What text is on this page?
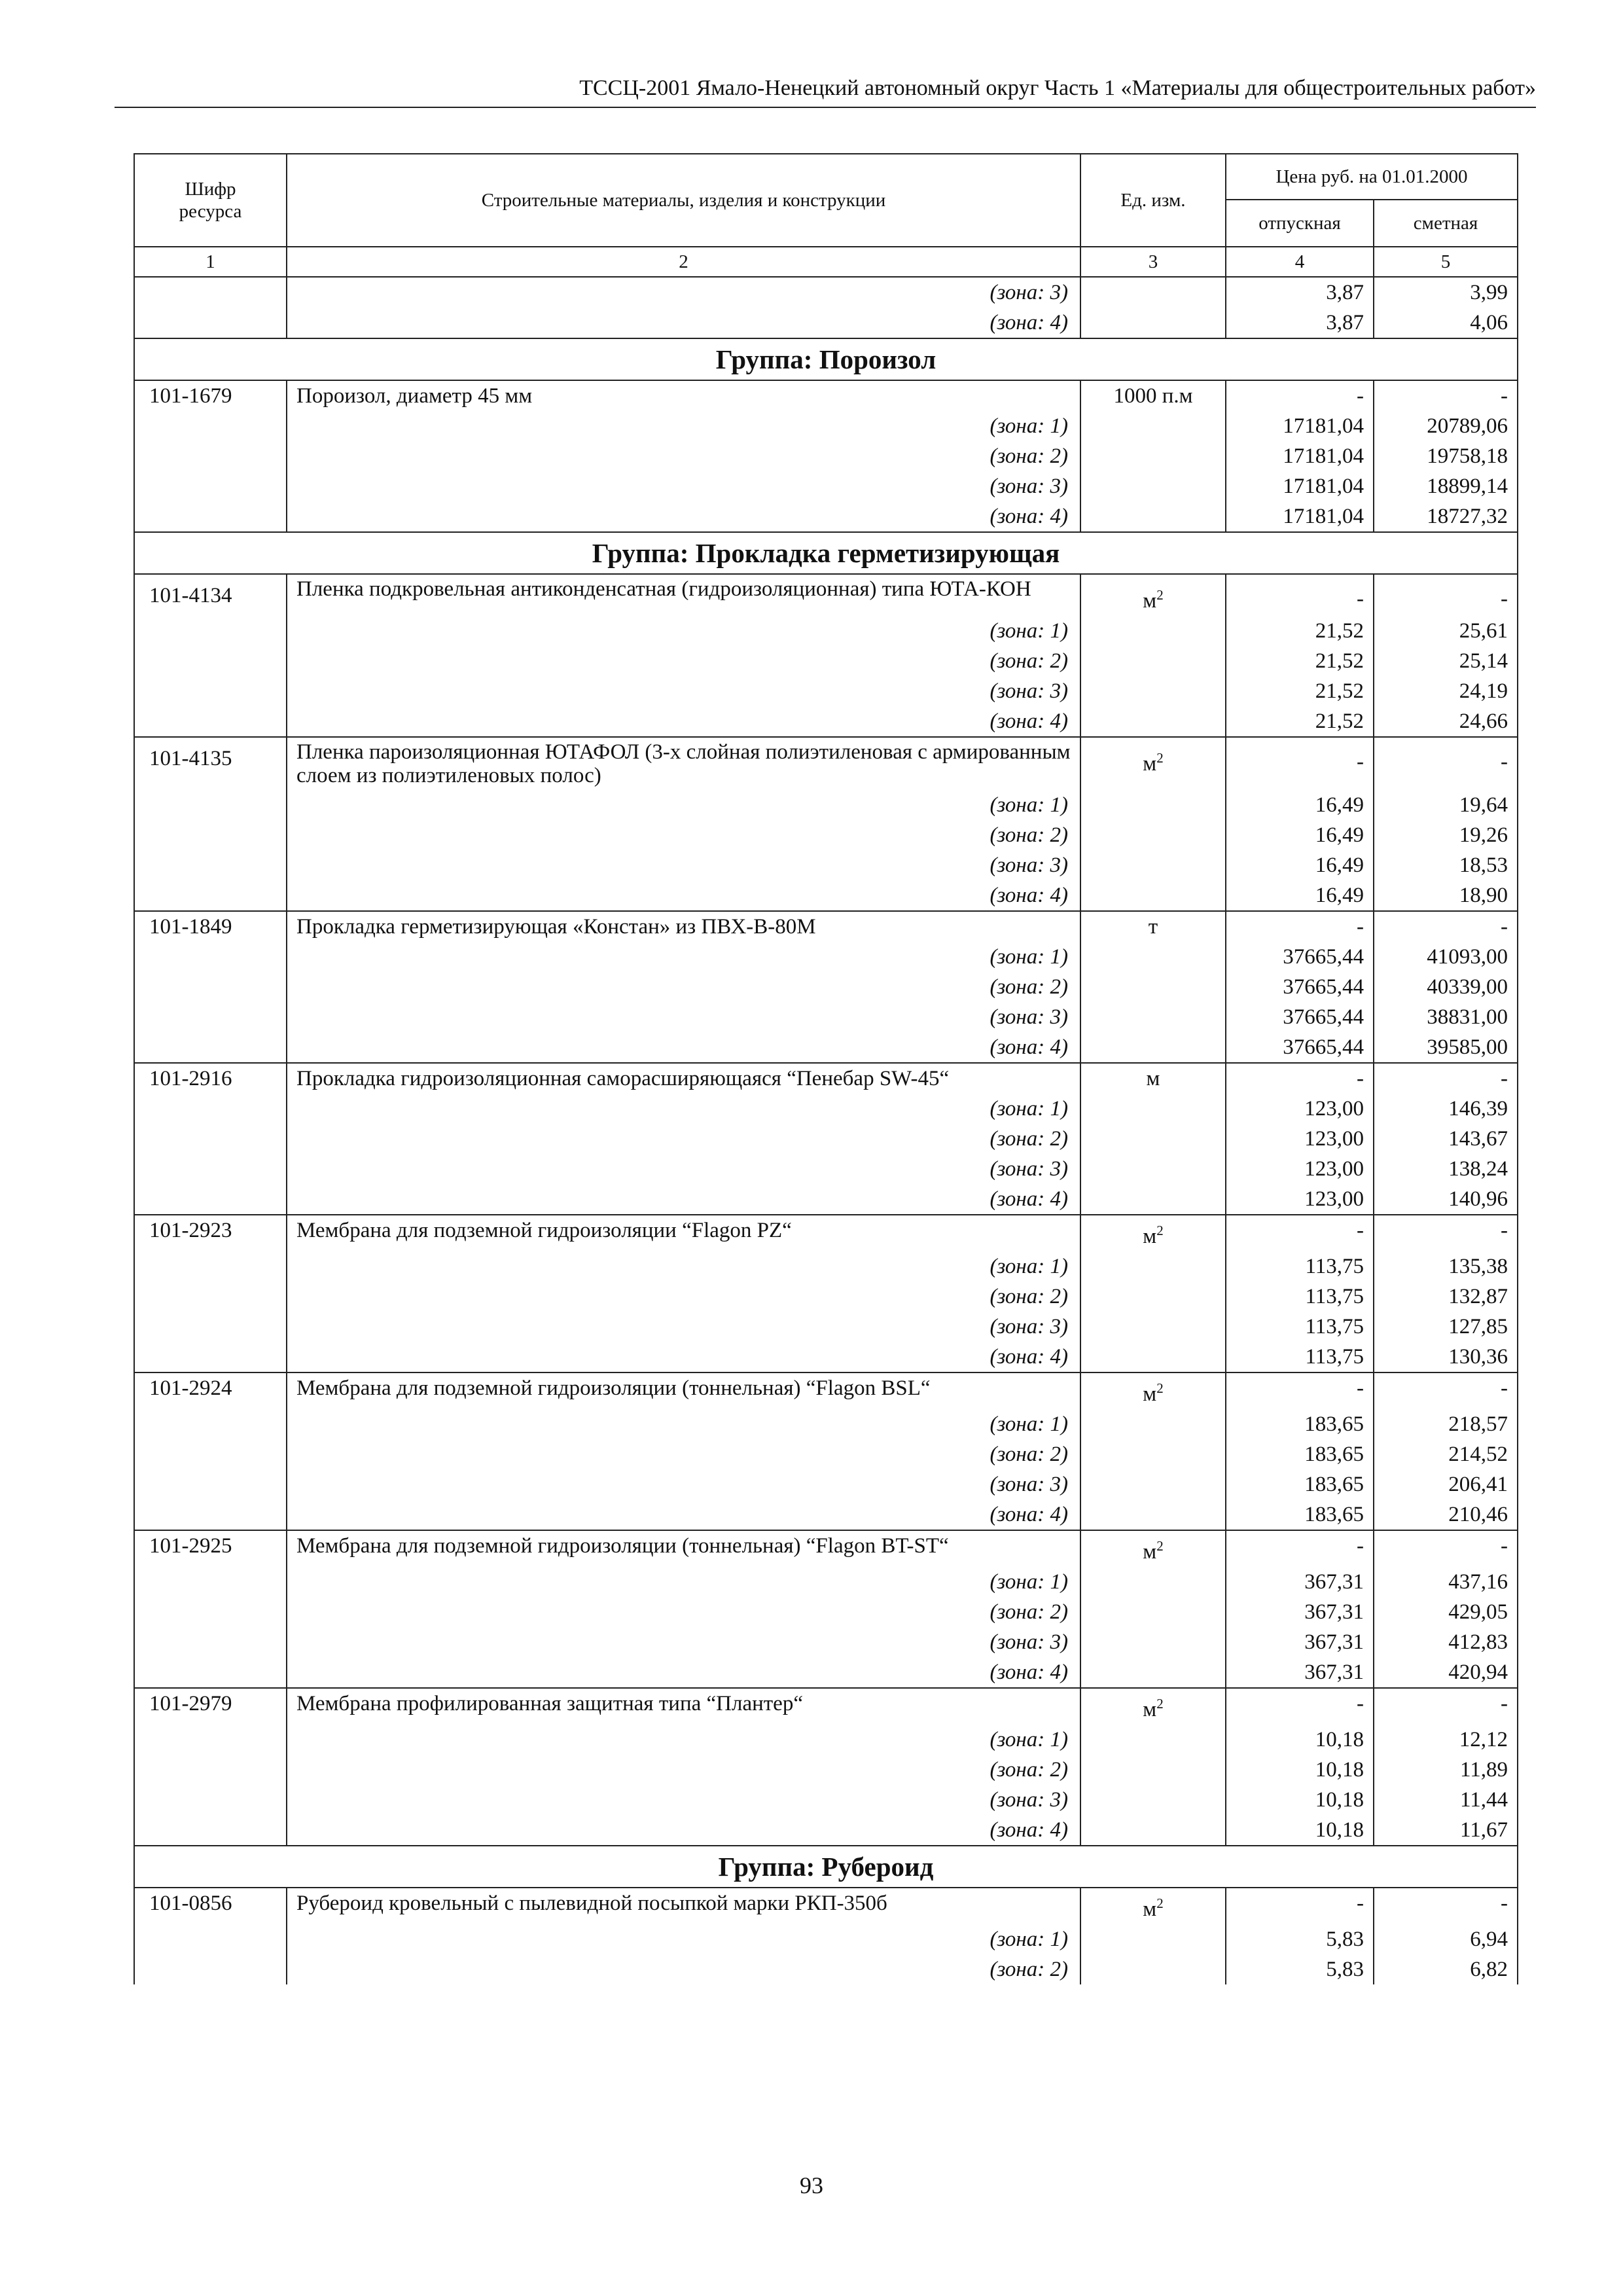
ТССЦ-2001 Ямало-Ненецкий автономный округ Часть 1 «Материалы для общестроительных работ»
Шифр ресурса	Строительные материалы, изделия и конструкции	Ед. изм.	Цена руб. на 01.01.2000	
			отпускная	сметная
1	2	3	4	5
	(зона: 3)		3,87	3,99
	(зона: 4)		3,87	4,06
Группа: Пороизол				
101-1679	Пороизол, диаметр 45 мм	1000 п.м	-	-
	(зона: 1)		17181,04	20789,06
	(зона: 2)		17181,04	19758,18
	(зона: 3)		17181,04	18899,14
	(зона: 4)		17181,04	18727,32
Группа: Прокладка герметизирующая				
101-4134	Пленка подкровельная антиконденсатная (гидроизоляционная) типа ЮТА-КОН	$м^2$	-	-
	(зона: 1)		21,52	25,61
	(зона: 2)		21,52	25,14
	(зона: 3)		21,52	24,19
	(зона: 4)		21,52	24,66
101-4135	Пленка пароизоляционная ЮТАФОЛ (3-х слойная полиэтиленовая с армированным слоем из полиэтиленовых полос)	$м^2$	-	-
	(зона: 1)		16,49	19,64
	(зона: 2)		16,49	19,26
	(зона: 3)		16,49	18,53
	(зона: 4)		16,49	18,90
101-1849	Прокладка герметизирующая «Констан» из ПВХ-В-80М	т	-	-
	(зона: 1)		37665,44	41093,00
	(зона: 2)		37665,44	40339,00
	(зона: 3)		37665,44	38831,00
	(зона: 4)		37665,44	39585,00
101-2916	Прокладка гидроизоляционная саморасширяющаяся “Пенебар SW-45“	м	-	-
	(зона: 1)		123,00	146,39
	(зона: 2)		123,00	143,67
	(зона: 3)		123,00	138,24
	(зона: 4)		123,00	140,96
101-2923	Мембрана для подземной гидроизоляции “Flagon PZ“	$м^2$	-	-
	(зона: 1)		113,75	135,38
	(зона: 2)		113,75	132,87
	(зона: 3)		113,75	127,85
	(зона: 4)		113,75	130,36
101-2924	Мембрана для подземной гидроизоляции (тоннельная) “Flagon BSL“	$м^2$	-	-
	(зона: 1)		183,65	218,57
	(зона: 2)		183,65	214,52
	(зона: 3)		183,65	206,41
	(зона: 4)		183,65	210,46
101-2925	Мембрана для подземной гидроизоляции (тоннельная) “Flagon BT-ST“	$м^2$	-	-
	(зона: 1)		367,31	437,16
	(зона: 2)		367,31	429,05
	(зона: 3)		367,31	412,83
	(зона: 4)		367,31	420,94
101-2979	Мембрана профилированная защитная типа “Плантер“	$м^2$	-	-
	(зона: 1)		10,18	12,12
	(зона: 2)		10,18	11,89
	(зона: 3)		10,18	11,44
	(зона: 4)		10,18	11,67
Группа: Рубероид				
101-0856	Рубероид кровельный с пылевидной посыпкой марки РКП-350б	$м^2$	-	-
	(зона: 1)		5,83	6,94
	(зона: 2)		5,83	6,82
93
